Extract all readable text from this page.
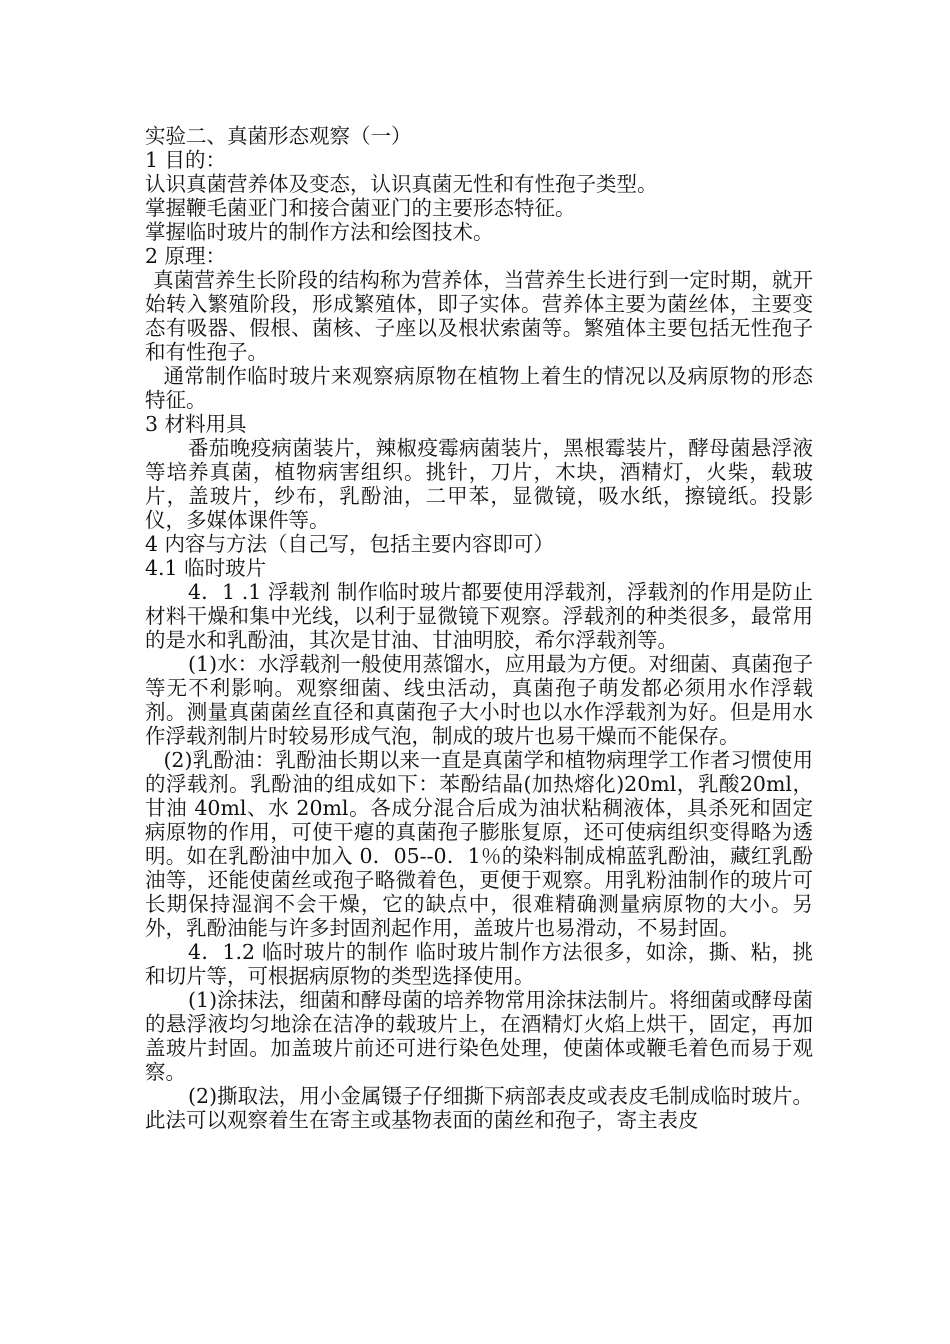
实验二、真菌形态观察（一）

1 目的：

认识真菌营养体及变态，认识真菌无性和有性孢子类型。

掌握鞭毛菌亚门和接合菌亚门的主要形态特征。

掌握临时玻片的制作方法和绘图技术。

2 原理：

真菌营养生长阶段的结构称为营养体，当营养生长进行到一定时期，就开始转入繁殖阶段，形成繁殖体，即子实体。营养体主要为菌丝体，主要变态有吸器、假根、菌核、子座以及根状索菌等。繁殖体主要包括无性孢子和有性孢子。

通常制作临时玻片来观察病原物在植物上着生的情况以及病原物的形态特征。

3 材料用具

番茄晚疫病菌装片，辣椒疫霉病菌装片，黑根霉装片，酵母菌悬浮液等培养真菌，植物病害组织。挑针，刀片，木块，酒精灯，火柴，载玻片，盖玻片，纱布，乳酚油，二甲苯，显微镜，吸水纸，擦镜纸。投影仪，多媒体课件等。

4 内容与方法（自己写，包括主要内容即可）

4.1 临时玻片

4．1 .1 浮载剂 制作临时玻片都要使用浮载剂，浮载剂的作用是防止材料干燥和集中光线，以利于显微镜下观察。浮载剂的种类很多，最常用的是水和乳酚油，其次是甘油、甘油明胶，希尔浮载剂等。

(1)水：水浮载剂一般使用蒸馏水，应用最为方便。对细菌、真菌孢子等无不利影响。观察细菌、线虫活动，真菌孢子萌发都必须用水作浮载剂。测量真菌菌丝直径和真菌孢子大小时也以水作浮载剂为好。但是用水作浮载剂制片时较易形成气泡，制成的玻片也易干燥而不能保存。

(2)乳酚油：乳酚油长期以来一直是真菌学和植物病理学工作者习惯使用的浮载剂。乳酚油的组成如下：苯酚结晶(加热熔化)20ml，乳酸20ml，甘油 40ml、水 20ml。各成分混合后成为油状粘稠液体，具杀死和固定病原物的作用，可使干瘪的真菌孢子膨胀复原，还可使病组织变得略为透明。如在乳酚油中加入 0．05--0．1％的染料制成棉蓝乳酚油，藏红乳酚油等，还能使菌丝或孢子略微着色，更便于观察。用乳粉油制作的玻片可长期保持湿润不会干燥，它的缺点中，很难精确测量病原物的大小。另外，乳酚油能与许多封固剂起作用，盖玻片也易滑动，不易封固。

4．1.2 临时玻片的制作 临时玻片制作方法很多，如涂，撕、粘，挑和切片等，可根据病原物的类型选择使用。

(1)涂抹法，细菌和酵母菌的培养物常用涂抹法制片。将细菌或酵母菌的悬浮液均匀地涂在洁净的载玻片上，在酒精灯火焰上烘干，固定，再加盖玻片封固。加盖玻片前还可进行染色处理，使菌体或鞭毛着色而易于观察。

(2)撕取法，用小金属镊子仔细撕下病部表皮或表皮毛制成临时玻片。此法可以观察着生在寄主或基物表面的菌丝和孢子，寄主表皮
